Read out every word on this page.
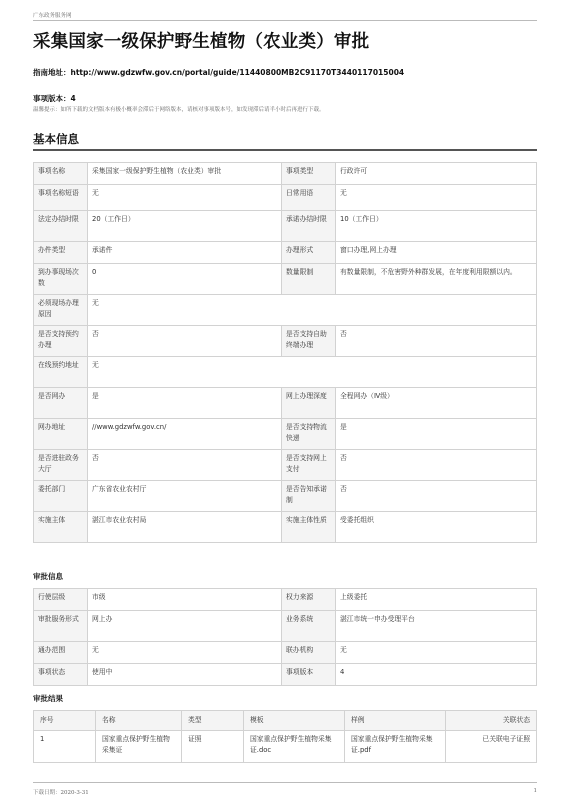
广东政务服务网
采集国家一级保护野生植物（农业类）审批
指南地址：http://www.gdzwfw.gov.cn/portal/guide/11440800MB2C91170T3440117015004
事项版本：4
温馨提示：如所下载的文档版本有极小概率会滞后于网络版本，请核对事项版本号，如发现滞后请半小时后再进行下载。
基本信息
事项名称	采集国家一级保护野生植物（农业类）审批	事项类型	行政许可
事项名称短语	无	日常用语	无
法定办结时限	20（工作日）	承诺办结时限	10（工作日）
办件类型	承诺件	办理形式	窗口办理,网上办理
到办事现场次数	0	数量限制	有数量限制，不危害野外种群发展，在年度利用限额以内。
必须现场办理原因	无		
是否支持预约办理	否	是否支持自助终端办理	否
在线预约地址	无		
是否网办	是	网上办理深度	全程网办（Ⅳ级）
网办地址	//www.gdzwfw.gov.cn/	是否支持物流快递	是
是否进驻政务大厅	否	是否支持网上支付	否
委托部门	广东省农业农村厅	是否告知承诺制	否
实施主体	湛江市农业农村局	实施主体性质	受委托组织
审批信息
行使层级	市级	权力来源	上级委托
审批服务形式	网上办	业务系统	湛江市统一申办受理平台
通办范围	无	联办机构	无
事项状态	使用中	事项版本	4
审批结果
序号	名称	类型	模板	样例	关联状态
1	国家重点保护野生植物采集证	证照	国家重点保护野生植物采集证.doc	国家重点保护野生植物采集证.pdf	已关联电子证照
下载日期：2020-3-31	1
